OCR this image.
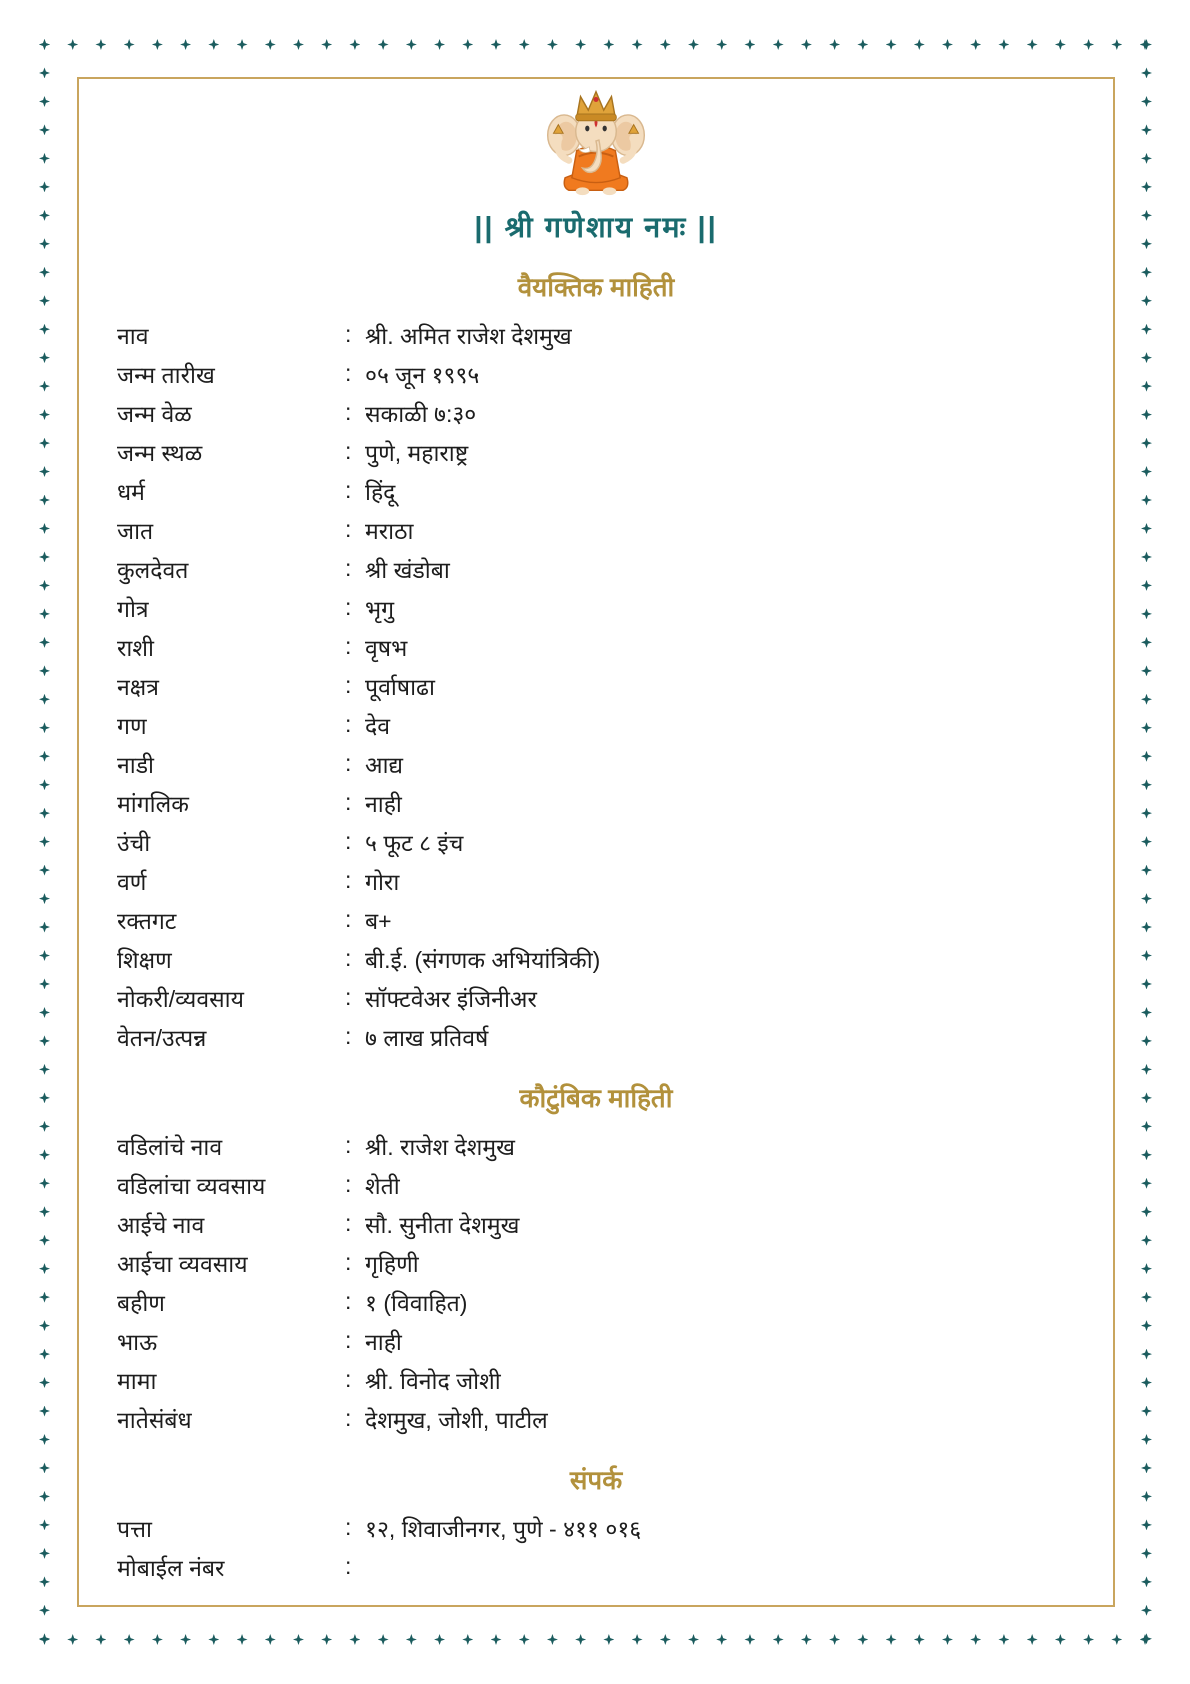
|| श्री गणेशाय नमः ||
वैयक्तिक माहिती
नाव	: श्री. अमित राजेश देशमुख
जन्म तारीख	: ०५ जून १९९५
जन्म वेळ	: सकाळी ७:३०
जन्म स्थळ	: पुणे, महाराष्ट्र
धर्म	: हिंदू
जात	: मराठा
कुलदेवत	: श्री खंडोबा
गोत्र	: भृगु
राशी	: वृषभ
नक्षत्र	: पूर्वाषाढा
गण	: देव
नाडी	: आद्य
मांगलिक	: नाही
उंची	: ५ फूट ८ इंच
वर्ण	: गोरा
रक्तगट	: ब+
शिक्षण	: बी.ई. (संगणक अभियांत्रिकी)
नोकरी/व्यवसाय	: सॉफ्टवेअर इंजिनीअर
वेतन/उत्पन्न	: ७ लाख प्रतिवर्ष
कौटुंबिक माहिती
वडिलांचे नाव	: श्री. राजेश देशमुख
वडिलांचा व्यवसाय	: शेती
आईचे नाव	: सौ. सुनीता देशमुख
आईचा व्यवसाय	: गृहिणी
बहीण	: १ (विवाहित)
भाऊ	: नाही
मामा	: श्री. विनोद जोशी
नातेसंबंध	: देशमुख, जोशी, पाटील
संपर्क
पत्ता	: १२, शिवाजीनगर, पुणे - ४११ ०१६
मोबाईल नंबर	:
